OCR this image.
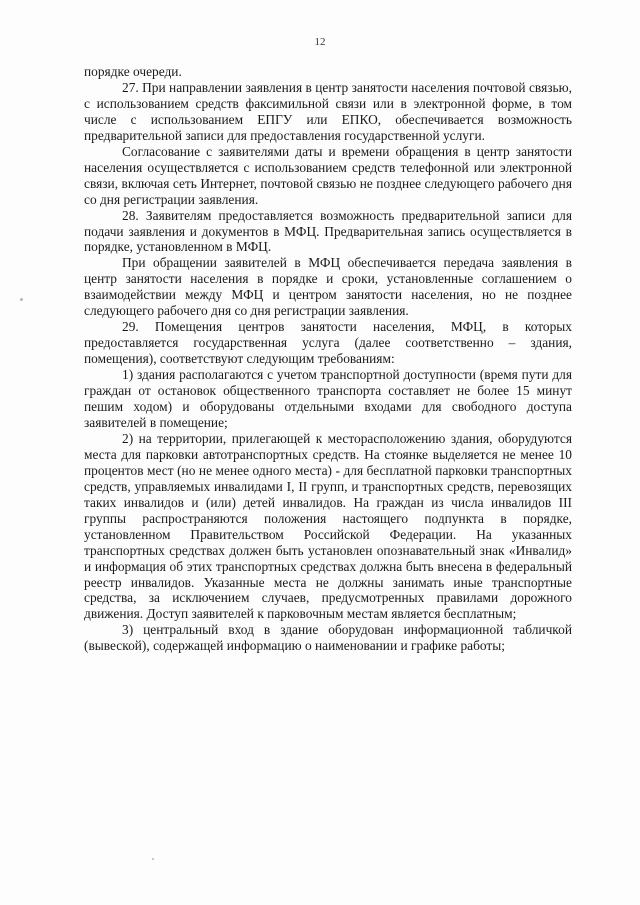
12

порядке очереди.

27. При направлении заявления в центр занятости населения почтовой связью, с использованием средств факсимильной связи или в электронной форме, в том числе с использованием ЕПГУ или ЕПКО, обеспечивается возможность предварительной записи для предоставления государственной услуги.

Согласование с заявителями даты и времени обращения в центр занятости населения осуществляется с использованием средств телефонной или электронной связи, включая сеть Интернет, почтовой связью не позднее следующего рабочего дня со дня регистрации заявления.

28. Заявителям предоставляется возможность предварительной записи для подачи заявления и документов в МФЦ. Предварительная запись осуществляется в порядке, установленном в МФЦ.

При обращении заявителей в МФЦ обеспечивается передача заявления в центр занятости населения в порядке и сроки, установленные соглашением о взаимодействии между МФЦ и центром занятости населения, но не позднее следующего рабочего дня со дня регистрации заявления.

29. Помещения центров занятости населения, МФЦ, в которых предоставляется государственная услуга (далее соответственно – здания, помещения), соответствуют следующим требованиям:

1) здания располагаются с учетом транспортной доступности (время пути для граждан от остановок общественного транспорта составляет не более 15 минут пешим ходом) и оборудованы отдельными входами для свободного доступа заявителей в помещение;

2) на территории, прилегающей к месторасположению здания, оборудуются места для парковки автотранспортных средств. На стоянке выделяется не менее 10 процентов мест (но не менее одного места) - для бесплатной парковки транспортных средств, управляемых инвалидами I, II групп, и транспортных средств, перевозящих таких инвалидов и (или) детей инвалидов. На граждан из числа инвалидов III группы распространяются положения настоящего подпункта в порядке, установленном Правительством Российской Федерации. На указанных транспортных средствах должен быть установлен опознавательный знак «Инвалид» и информация об этих транспортных средствах должна быть внесена в федеральный реестр инвалидов. Указанные места не должны занимать иные транспортные средства, за исключением случаев, предусмотренных правилами дорожного движения. Доступ заявителей к парковочным местам является бесплатным;

3) центральный вход в здание оборудован информационной табличкой (вывеской), содержащей информацию о наименовании и графике работы;
